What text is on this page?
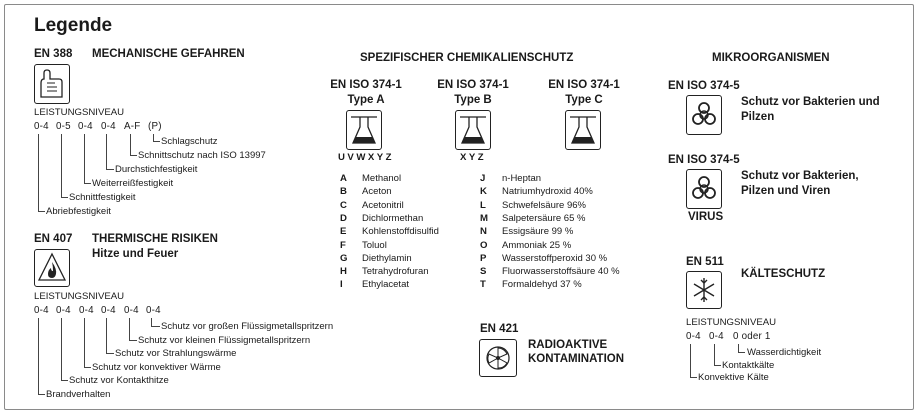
Legende
EN 388 MECHANISCHE GEFAHREN
LEISTUNGSNIVEAU
0-4 0-5 0-4 0-4 A-F (P)
Schlagschutz
Schnittschutz nach ISO 13997
Durchstichfestigkeit
Weiterreißfestigkeit
Schnittfestigkeit
Abriebfestigkeit
EN 407 THERMISCHE RISIKEN
Hitze und Feuer
LEISTUNGSNIVEAU
0-4 0-4 0-4 0-4 0-4 0-4
Schutz vor großen Flüssigmetallspritzern
Schutz vor kleinen Flüssigmetallspritzern
Schutz vor Strahlungswärme
Schutz vor konvektiver Wärme
Schutz vor Kontakthitze
Brandverhalten
SPEZIFISCHER CHEMIKALIENSCHUTZ
EN ISO 374-1
Type A
EN ISO 374-1
Type B
EN ISO 374-1
Type C
UVWXYZ	XYZ
A Methanol
B Aceton
C Acetonitril
D Dichlormethan
E Kohlenstoffdisulfid
F Toluol
G Diethylamin
H Tetrahydrofuran
I Ethylacetat
J n-Heptan
K Natriumhydroxid 40%
L Schwefelsäure 96%
M Salpetersäure 65 %
N Essigsäure 99 %
O Ammoniak 25 %
P Wasserstoffperoxid 30 %
S Fluorwasserstoffsäure 40 %
T Formaldehyd 37 %
EN 421
RADIOAKTIVE
KONTAMINATION
MIKROORGANISMEN
EN ISO 374-5
Schutz vor Bakterien und
Pilzen
EN ISO 374-5
Schutz vor Bakterien,
Pilzen und Viren
VIRUS
EN 511
KÄLTESCHUTZ
LEISTUNGSNIVEAU
0-4 0-4 0 oder 1
Wasserdichtigkeit
Kontaktkälte
Konvektive Kälte
